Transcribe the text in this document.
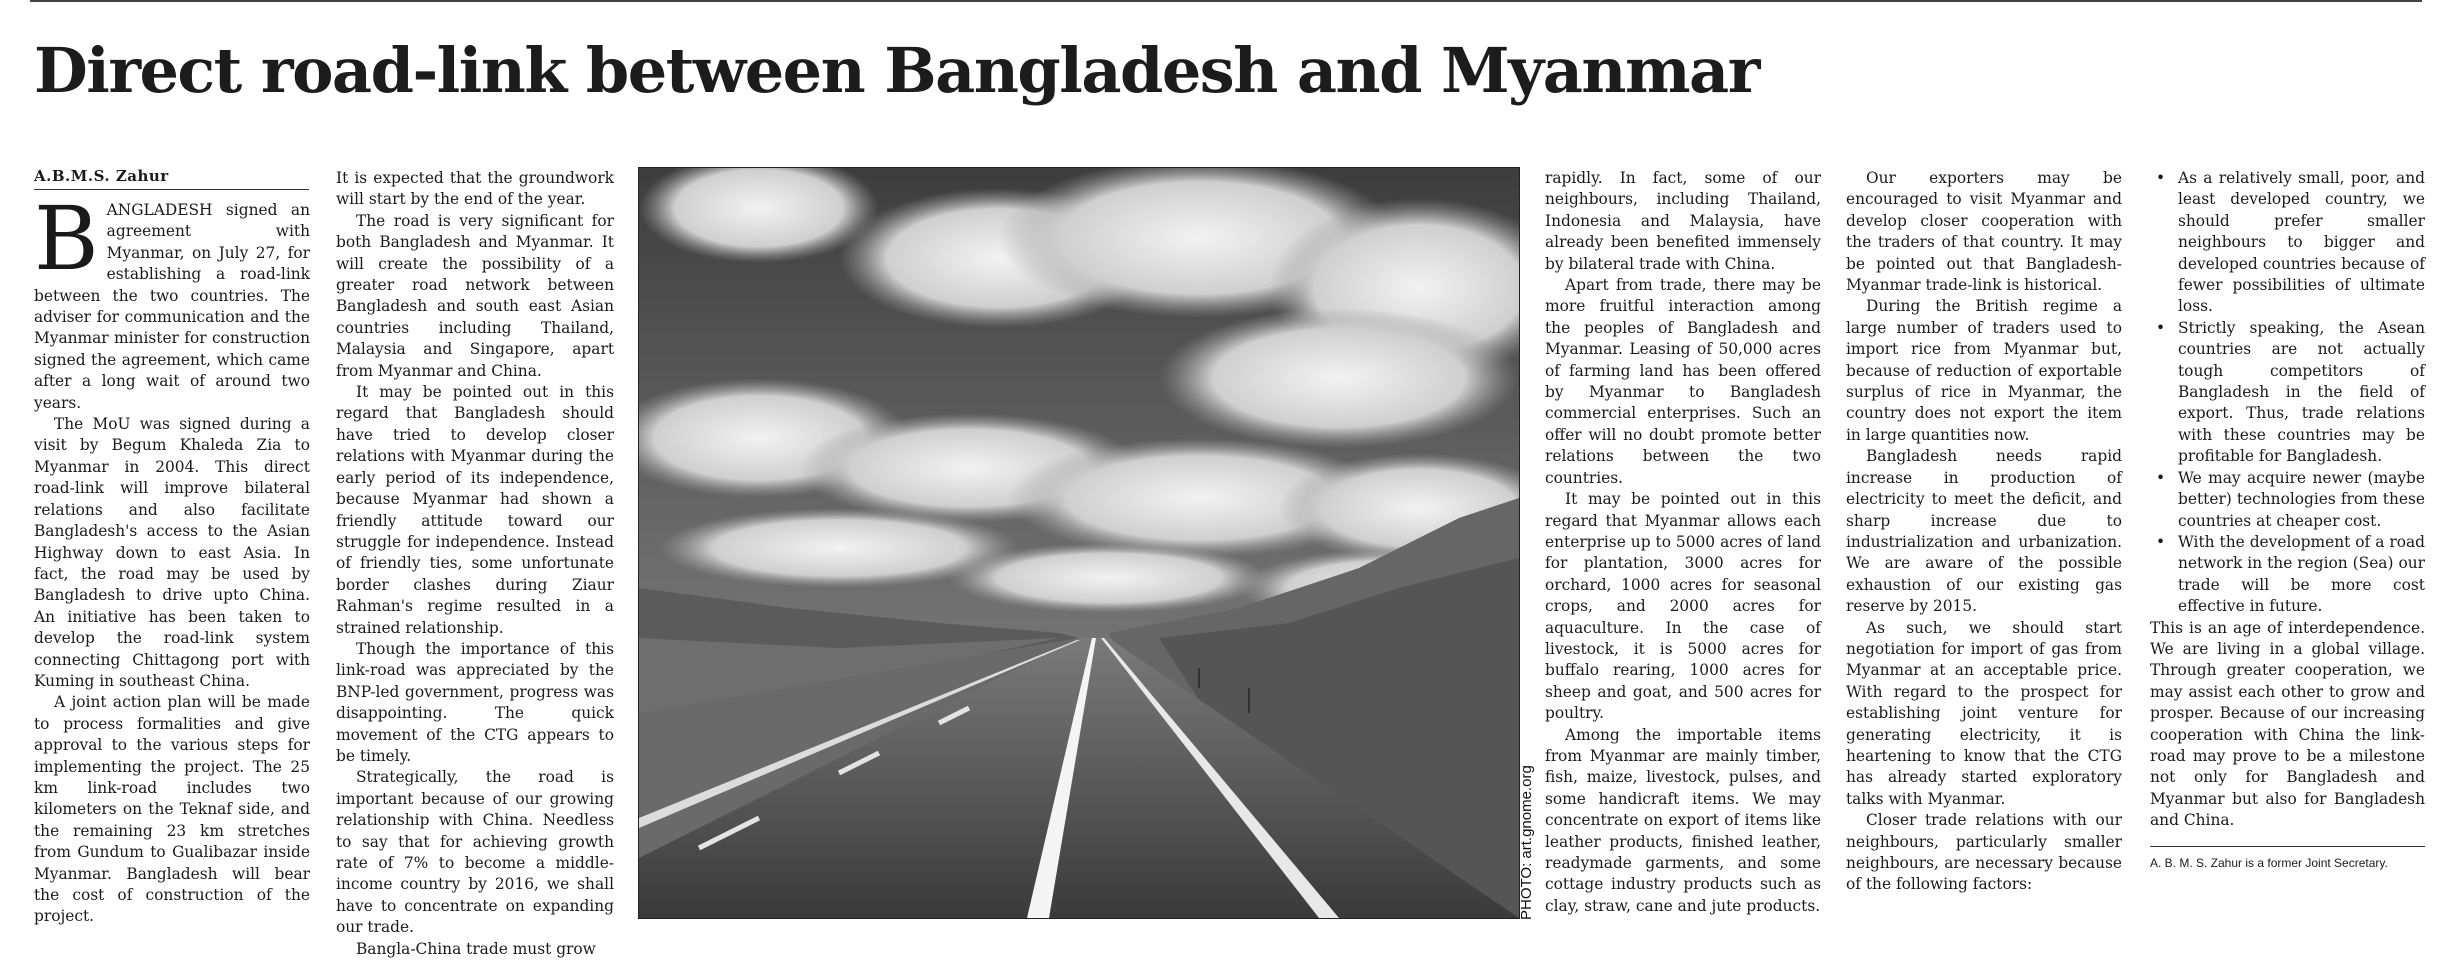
Direct road-link between Bangladesh and Myanmar
A.B.M.S. Zahur

BANGLADESH signed an agreement with Myanmar, on July 27, for establishing a road-link between the two countries. The adviser for communication and the Myanmar minister for construction signed the agreement, which came after a long wait of around two years.

The MoU was signed during a visit by Begum Khaleda Zia to Myanmar in 2004. This direct road-link will improve bilateral relations and also facilitate Bangladesh's access to the Asian Highway down to east Asia. In fact, the road may be used by Bangladesh to drive upto China. An initiative has been taken to develop the road-link system connecting Chittagong port with Kuming in southeast China.

A joint action plan will be made to process formalities and give approval to the various steps for implementing the project. The 25 km link-road includes two kilometers on the Teknaf side, and the remaining 23 km stretches from Gundum to Gualibazar inside Myanmar. Bangladesh will bear the cost of construction of the project.

It is expected that the groundwork will start by the end of the year.

The road is very significant for both Bangladesh and Myanmar. It will create the possibility of a greater road network between Bangladesh and south east Asian countries including Thailand, Malaysia and Singapore, apart from Myanmar and China.

It may be pointed out in this regard that Bangladesh should have tried to develop closer relations with Myanmar during the early period of its independence, because Myanmar had shown a friendly attitude toward our struggle for independence. Instead of friendly ties, some unfortunate border clashes during Ziaur Rahman's regime resulted in a strained relationship.

Though the importance of this link-road was appreciated by the BNP-led government, progress was disappointing. The quick movement of the CTG appears to be timely.

Strategically, the road is important because of our growing relationship with China. Needless to say that for achieving growth rate of 7% to become a middle-income country by 2016, we shall have to concentrate on expanding our trade.

Bangla-China trade must grow

PHOTO: art.gnome.org

rapidly. In fact, some of our neighbours, including Thailand, Indonesia and Malaysia, have already been benefited immensely by bilateral trade with China.

Apart from trade, there may be more fruitful interaction among the peoples of Bangladesh and Myanmar. Leasing of 50,000 acres of farming land has been offered by Myanmar to Bangladesh commercial enterprises. Such an offer will no doubt promote better relations between the two countries.

It may be pointed out in this regard that Myanmar allows each enterprise up to 5000 acres of land for plantation, 3000 acres for orchard, 1000 acres for seasonal crops, and 2000 acres for aquaculture. In the case of livestock, it is 5000 acres for buffalo rearing, 1000 acres for sheep and goat, and 500 acres for poultry.

Among the importable items from Myanmar are mainly timber, fish, maize, livestock, pulses, and some handicraft items. We may concentrate on export of items like leather products, finished leather, readymade garments, and some cottage industry products such as clay, straw, cane and jute products.

Our exporters may be encouraged to visit Myanmar and develop closer cooperation with the traders of that country. It may be pointed out that Bangladesh-Myanmar trade-link is historical.

During the British regime a large number of traders used to import rice from Myanmar but, because of reduction of exportable surplus of rice in Myanmar, the country does not export the item in large quantities now.

Bangladesh needs rapid increase in production of electricity to meet the deficit, and sharp increase due to industrialization and urbanization. We are aware of the possible exhaustion of our existing gas reserve by 2015.

As such, we should start negotiation for import of gas from Myanmar at an acceptable price. With regard to the prospect for establishing joint venture for generating electricity, it is heartening to know that the CTG has already started exploratory talks with Myanmar.

Closer trade relations with our neighbours, particularly smaller neighbours, are necessary because of the following factors:

• As a relatively small, poor, and least developed country, we should prefer smaller neighbours to bigger and developed countries because of fewer possibilities of ultimate loss.
• Strictly speaking, the Asean countries are not actually tough competitors of Bangladesh in the field of export. Thus, trade relations with these countries may be profitable for Bangladesh.
• We may acquire newer (maybe better) technologies from these countries at cheaper cost.
• With the development of a road network in the region (Sea) our trade will be more cost effective in future.

This is an age of interdependence. We are living in a global village. Through greater cooperation, we may assist each other to grow and prosper. Because of our increasing cooperation with China the link-road may prove to be a milestone not only for Bangladesh and Myanmar but also for Bangladesh and China.

A. B. M. S. Zahur is a former Joint Secretary.
